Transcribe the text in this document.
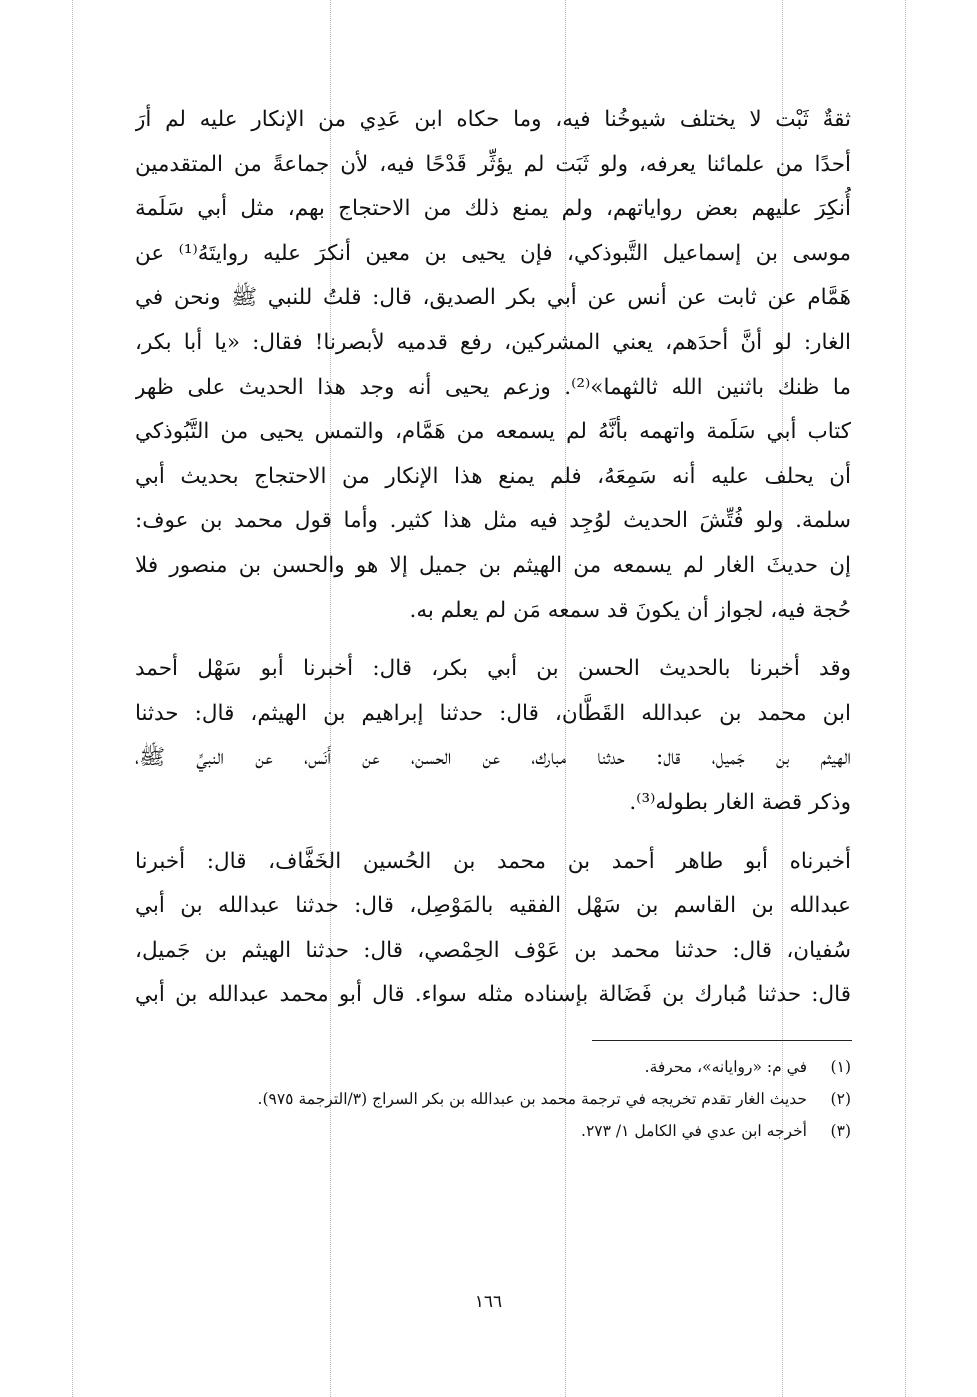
ثقةٌ ثَبْت لا يختلف شيوخُنا فيه، وما حكاه ابن عَدِي من الإنكار عليه لم أرَ
أحدًا من علمائنا يعرفه، ولو ثَبَت لم يؤثِّر قَدْحًا فيه، لأن جماعةً من المتقدمين
أُنكِرَ عليهم بعض رواياتهم، ولم يمنع ذلك من الاحتجاج بهم، مثل أبي سَلَمة
موسى بن إسماعيل التَّبوذكي، فإن يحيى بن معين أنكرَ عليه روايتَهُ⁽¹⁾ عن
هَمَّام عن ثابت عن أنس عن أبي بكر الصديق، قال: قلتُ للنبي ﷺ ونحن في
الغار: لو أنَّ أحدَهم، يعني المشركين، رفع قدميه لأبصرنا! فقال: «يا أبا بكر،
ما ظنك باثنين الله ثالثهما»⁽²⁾. وزعم يحيى أنه وجد هذا الحديث على ظهر
كتاب أبي سَلَمة واتهمه بأنَّهُ لم يسمعه من هَمَّام، والتمس يحيى من التَّبُوذكي
أن يحلف عليه أنه سَمِعَهُ، فلم يمنع هذا الإنكار من الاحتجاج بحديث أبي
سلمة. ولو فُتِّشَ الحديث لوُجِد فيه مثل هذا كثير. وأما قول محمد بن عوف:
إن حديثَ الغار لم يسمعه من الهيثم بن جميل إلا هو والحسن بن منصور فلا
حُجة فيه، لجواز أن يكونَ قد سمعه مَن لم يعلم به.
وقد أخبرنا بالحديث الحسن بن أبي بكر، قال: أخبرنا أبو سَهْل أحمد
ابن محمد بن عبدالله القَطَّان، قال: حدثنا إبراهيم بن الهيثم، قال: حدثنا
الهيثم بن جَميل، قال: حدثنا مبارك، عن الحسن، عن أَنَس، عن النبيِّ ﷺ،
وذكر قصة الغار بطوله⁽³⁾.
أخبرناه أبو طاهر أحمد بن محمد بن الحُسين الخَفَّاف، قال: أخبرنا
عبدالله بن القاسم بن سَهْل الفقيه بالمَوْصِل، قال: حدثنا عبدالله بن أبي
سُفيان، قال: حدثنا محمد بن عَوْف الحِمْصي، قال: حدثنا الهيثم بن جَميل،
قال: حدثنا مُبارك بن فَضَالة بإسناده مثله سواء. قال أبو محمد عبدالله بن أبي
(١)
في م: «روايانه»، محرفة.
(٢)
حديث الغار تقدم تخريجه في ترجمة محمد بن عبدالله بن بكر السراج (٣/الترجمة ٩٧٥).
(٣)
أخرجه ابن عدي في الكامل ١/ ٢٧٣.
١٦٦
